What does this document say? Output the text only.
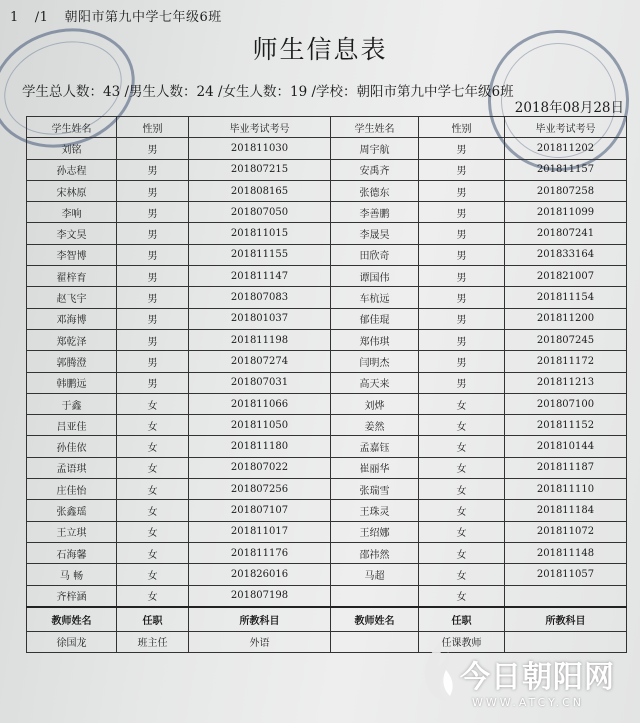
1 /1 朝阳市第九中学七年级6班
师生信息表
学生总人数：43 /男生人数：24 /女生人数：19 /学校：朝阳市第九中学七年级6班
2018年08月28日
学生姓名	性别	毕业考试考号	学生姓名	性别	毕业考试考号
刘铭	男	201811030	周宇航	男	201811202
孙志程	男	201807215	安禹齐	男	201811157
宋林原	男	201808165	张德东	男	201807258
李响	男	201807050	李善鹏	男	201811099
李文昊	男	201811015	李晟昊	男	201807241
李智博	男	201811155	田欣奇	男	201833164
翟梓育	男	201811147	谭国伟	男	201821007
赵飞宇	男	201807083	车杭远	男	201811154
邓海博	男	201801037	郁佳琨	男	201811200
郑乾泽	男	201811198	郑伟琪	男	201807245
郭腾澄	男	201807274	闫明杰	男	201811172
韩鹏远	男	201807031	高天来	男	201811213
于鑫	女	201811066	刘烨	女	201807100
吕亚佳	女	201811050	姜然	女	201811152
孙佳依	女	201811180	孟嘉钰	女	201810144
孟语琪	女	201807022	崔丽华	女	201811187
庄佳怡	女	201807256	张瑞雪	女	201811110
张鑫瑶	女	201807107	王珠灵	女	201811184
王立琪	女	201811017	王绍娜	女	201811072
石海馨	女	201811176	邵祎然	女	201811148
马 畅	女	201826016	马超	女	201811057
齐梓涵	女	201807198		女	
教师姓名	任职	所教科目	教师姓名	任职	所教科目
徐国龙	班主任	外语		任课教师	
今日朝阳网
WWW.ATCY.CN
